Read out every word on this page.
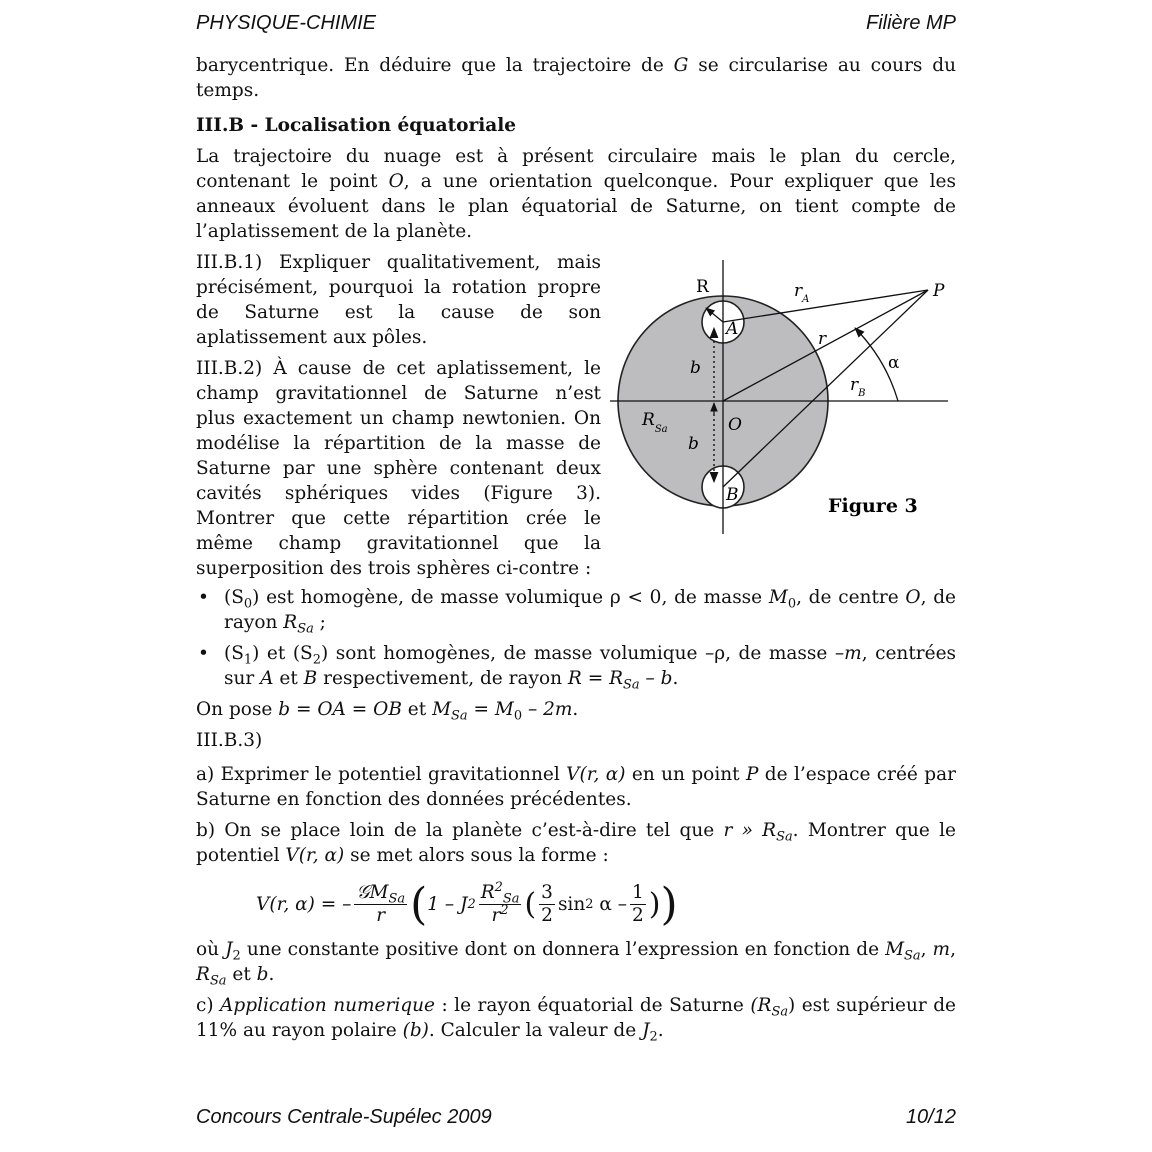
PHYSIQUE-CHIMIE	Filière MP

barycentrique. En déduire que la trajectoire de G se circularise au cours du temps.

III.B - Localisation équatoriale

La trajectoire du nuage est à présent circulaire mais le plan du cercle, contenant le point O, a une orientation quelconque. Pour expliquer que les anneaux évoluent dans le plan équatorial de Saturne, on tient compte de l’aplatissement de la planète.

III.B.1) Expliquer qualitativement, mais précisément, pourquoi la rotation propre de Saturne est la cause de son aplatissement aux pôles.

III.B.2) À cause de cet aplatissement, le champ gravitationnel de Saturne n’est plus exactement un champ newtonien. On modélise la répartition de la masse de Saturne par une sphère contenant deux cavités sphériques vides (Figure 3). Montrer que cette répartition crée le même champ gravitationnel que la superposition des trois sphères ci-contre :

R	$r_A$	P
A	r
α
$r_B$
b
$R_{Sa}$	O
b
B	Figure 3
• $(S_0)$ est homogène, de masse volumique ρ < 0, de masse $M_0$, de centre O, de rayon $R_{Sa}$ ;
• $(S_1)$ et $(S_2)$ sont homogènes, de masse volumique –ρ, de masse –m, centrées sur A et B respectivement, de rayon $R = R_{Sa} - b$.

On pose b = OA = OB et $M_{Sa} = M_0 - 2m$.

III.B.3)

a) Exprimer le potentiel gravitationnel V(r, α) en un point P de l’espace créé par Saturne en fonction des données précédentes.

b) On se place loin de la planète c’est-à-dire tel que r » $R_{Sa}$. Montrer que le potentiel V(r, α) se met alors sous la forme :

V(r, α) = – $\frac{𝒢M_{Sa}}{r}$ ( 1 – J $2 \frac{R^2_{Sa}}{r^2}$ ( $\frac{3}{2}$ sin 2
α – $\frac{1}{2}$ ) )

où $J_2$ une constante positive dont on donnera l’expression en fonction de $M_{Sa}$, m, $R_{Sa}$ et b.

c) Application numerique : le rayon équatorial de Saturne $(R_{Sa})$ est supérieur de 11% au rayon polaire (b). Calculer la valeur de $J_2$.

Concours Centrale-Supélec 2009	10/12
